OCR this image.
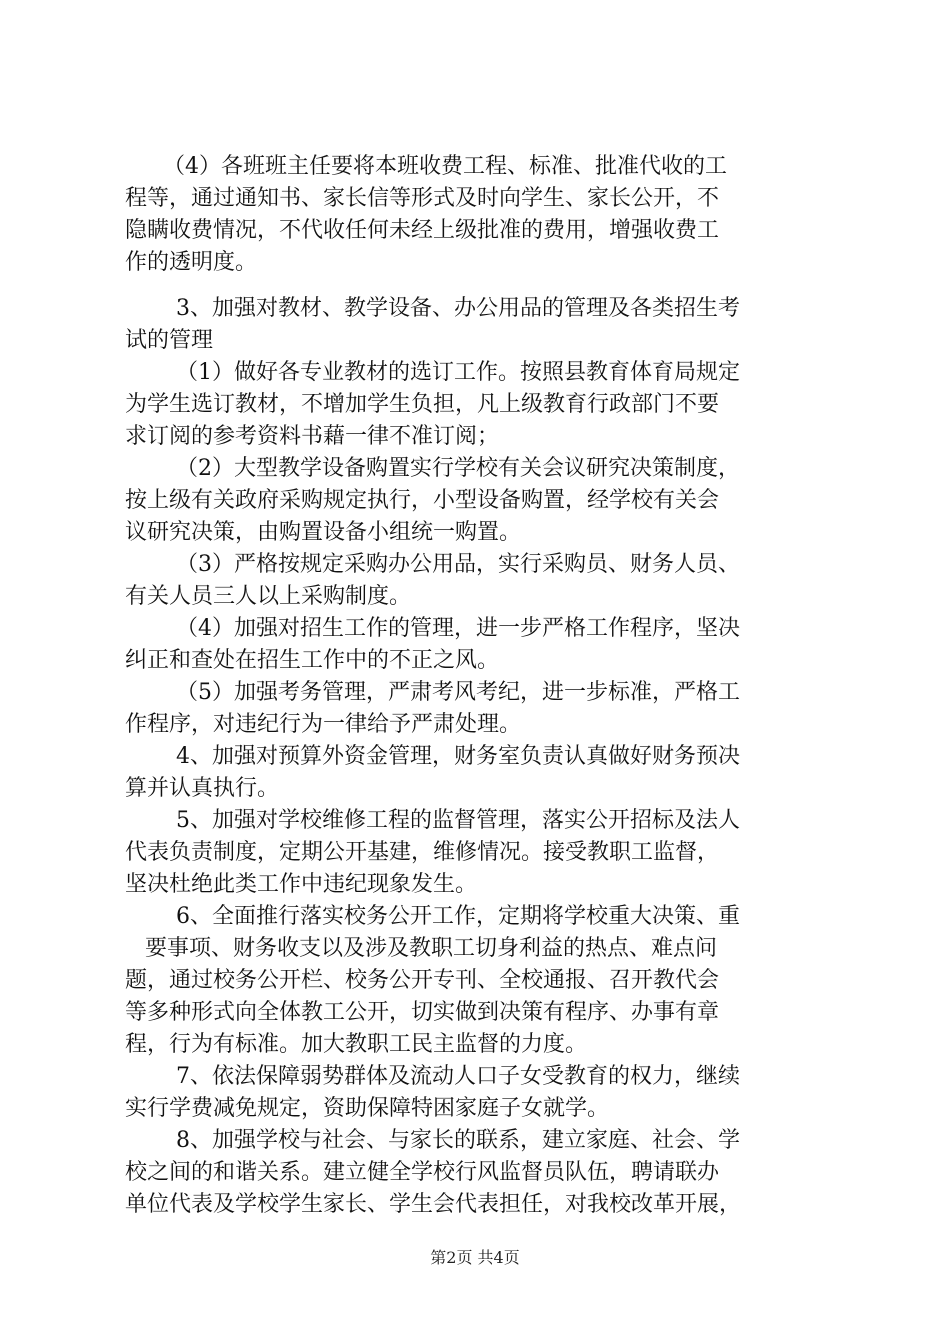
（4）各班班主任要将本班收费工程、标准、批准代收的工
程等，通过通知书、家长信等形式及时向学生、家长公开，不
隐瞒收费情况，不代收任何未经上级批准的费用，增强收费工
作的透明度。
3、加强对教材、教学设备、办公用品的管理及各类招生考
试的管理
（1）做好各专业教材的选订工作。按照县教育体育局规定
为学生选订教材，不增加学生负担，凡上级教育行政部门不要
求订阅的参考资料书藉一律不准订阅；
（2）大型教学设备购置实行学校有关会议研究决策制度，
按上级有关政府采购规定执行，小型设备购置，经学校有关会
议研究决策，由购置设备小组统一购置。
（3）严格按规定采购办公用品，实行采购员、财务人员、
有关人员三人以上采购制度。
（4）加强对招生工作的管理，进一步严格工作程序，坚决
纠正和查处在招生工作中的不正之风。
（5）加强考务管理，严肃考风考纪，进一步标准，严格工
作程序，对违纪行为一律给予严肃处理。
4、加强对预算外资金管理，财务室负责认真做好财务预决
算并认真执行。
5、加强对学校维修工程的监督管理，落实公开招标及法人
代表负责制度，定期公开基建，维修情况。接受教职工监督，
坚决杜绝此类工作中违纪现象发生。
6、全面推行落实校务公开工作，定期将学校重大决策、重
要事项、财务收支以及涉及教职工切身利益的热点、难点问
题，通过校务公开栏、校务公开专刊、全校通报、召开教代会
等多种形式向全体教工公开，切实做到决策有程序、办事有章
程，行为有标准。加大教职工民主监督的力度。
7、依法保障弱势群体及流动人口子女受教育的权力，继续
实行学费减免规定，资助保障特困家庭子女就学。
8、加强学校与社会、与家长的联系，建立家庭、社会、学
校之间的和谐关系。建立健全学校行风监督员队伍，聘请联办
单位代表及学校学生家长、学生会代表担任，对我校改革开展，
第2页 共4页
